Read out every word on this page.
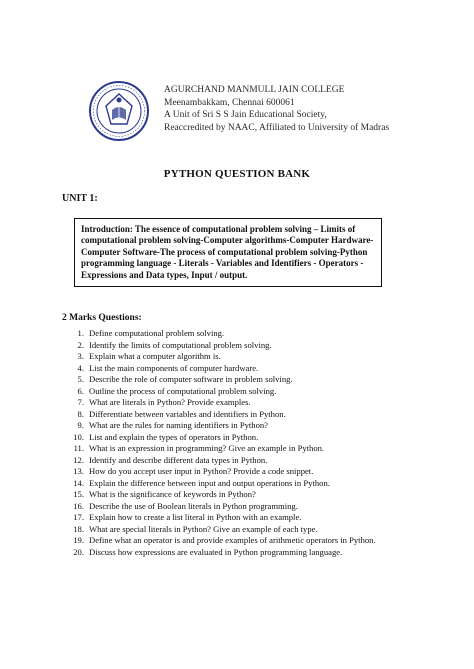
AGURCHAND MANMULL JAIN COLLEGE
Meenambakkam, Chennai 600061
A Unit of Sri S S Jain Educational Society,
Reaccredited by NAAC, Affiliated to University of Madras
PYTHON QUESTION BANK
UNIT 1:
Introduction: The essence of computational problem solving – Limits of computational problem solving-Computer algorithms-Computer Hardware-Computer Software-The process of computational problem solving-Python programming language - Literals - Variables and Identifiers - Operators - Expressions and Data types, Input / output.
2 Marks Questions:
1. Define computational problem solving.
2. Identify the limits of computational problem solving.
3. Explain what a computer algorithm is.
4. List the main components of computer hardware.
5. Describe the role of computer software in problem solving.
6. Outline the process of computational problem solving.
7. What are literals in Python? Provide examples.
8. Differentiate between variables and identifiers in Python.
9. What are the rules for naming identifiers in Python?
10. List and explain the types of operators in Python.
11. What is an expression in programming? Give an example in Python.
12. Identify and describe different data types in Python.
13. How do you accept user input in Python? Provide a code snippet.
14. Explain the difference between input and output operations in Python.
15. What is the significance of keywords in Python?
16. Describe the use of Boolean literals in Python programming.
17. Explain how to create a list literal in Python with an example.
18. What are special literals in Python? Give an example of each type.
19. Define what an operator is and provide examples of arithmetic operators in Python.
20. Discuss how expressions are evaluated in Python programming language.
